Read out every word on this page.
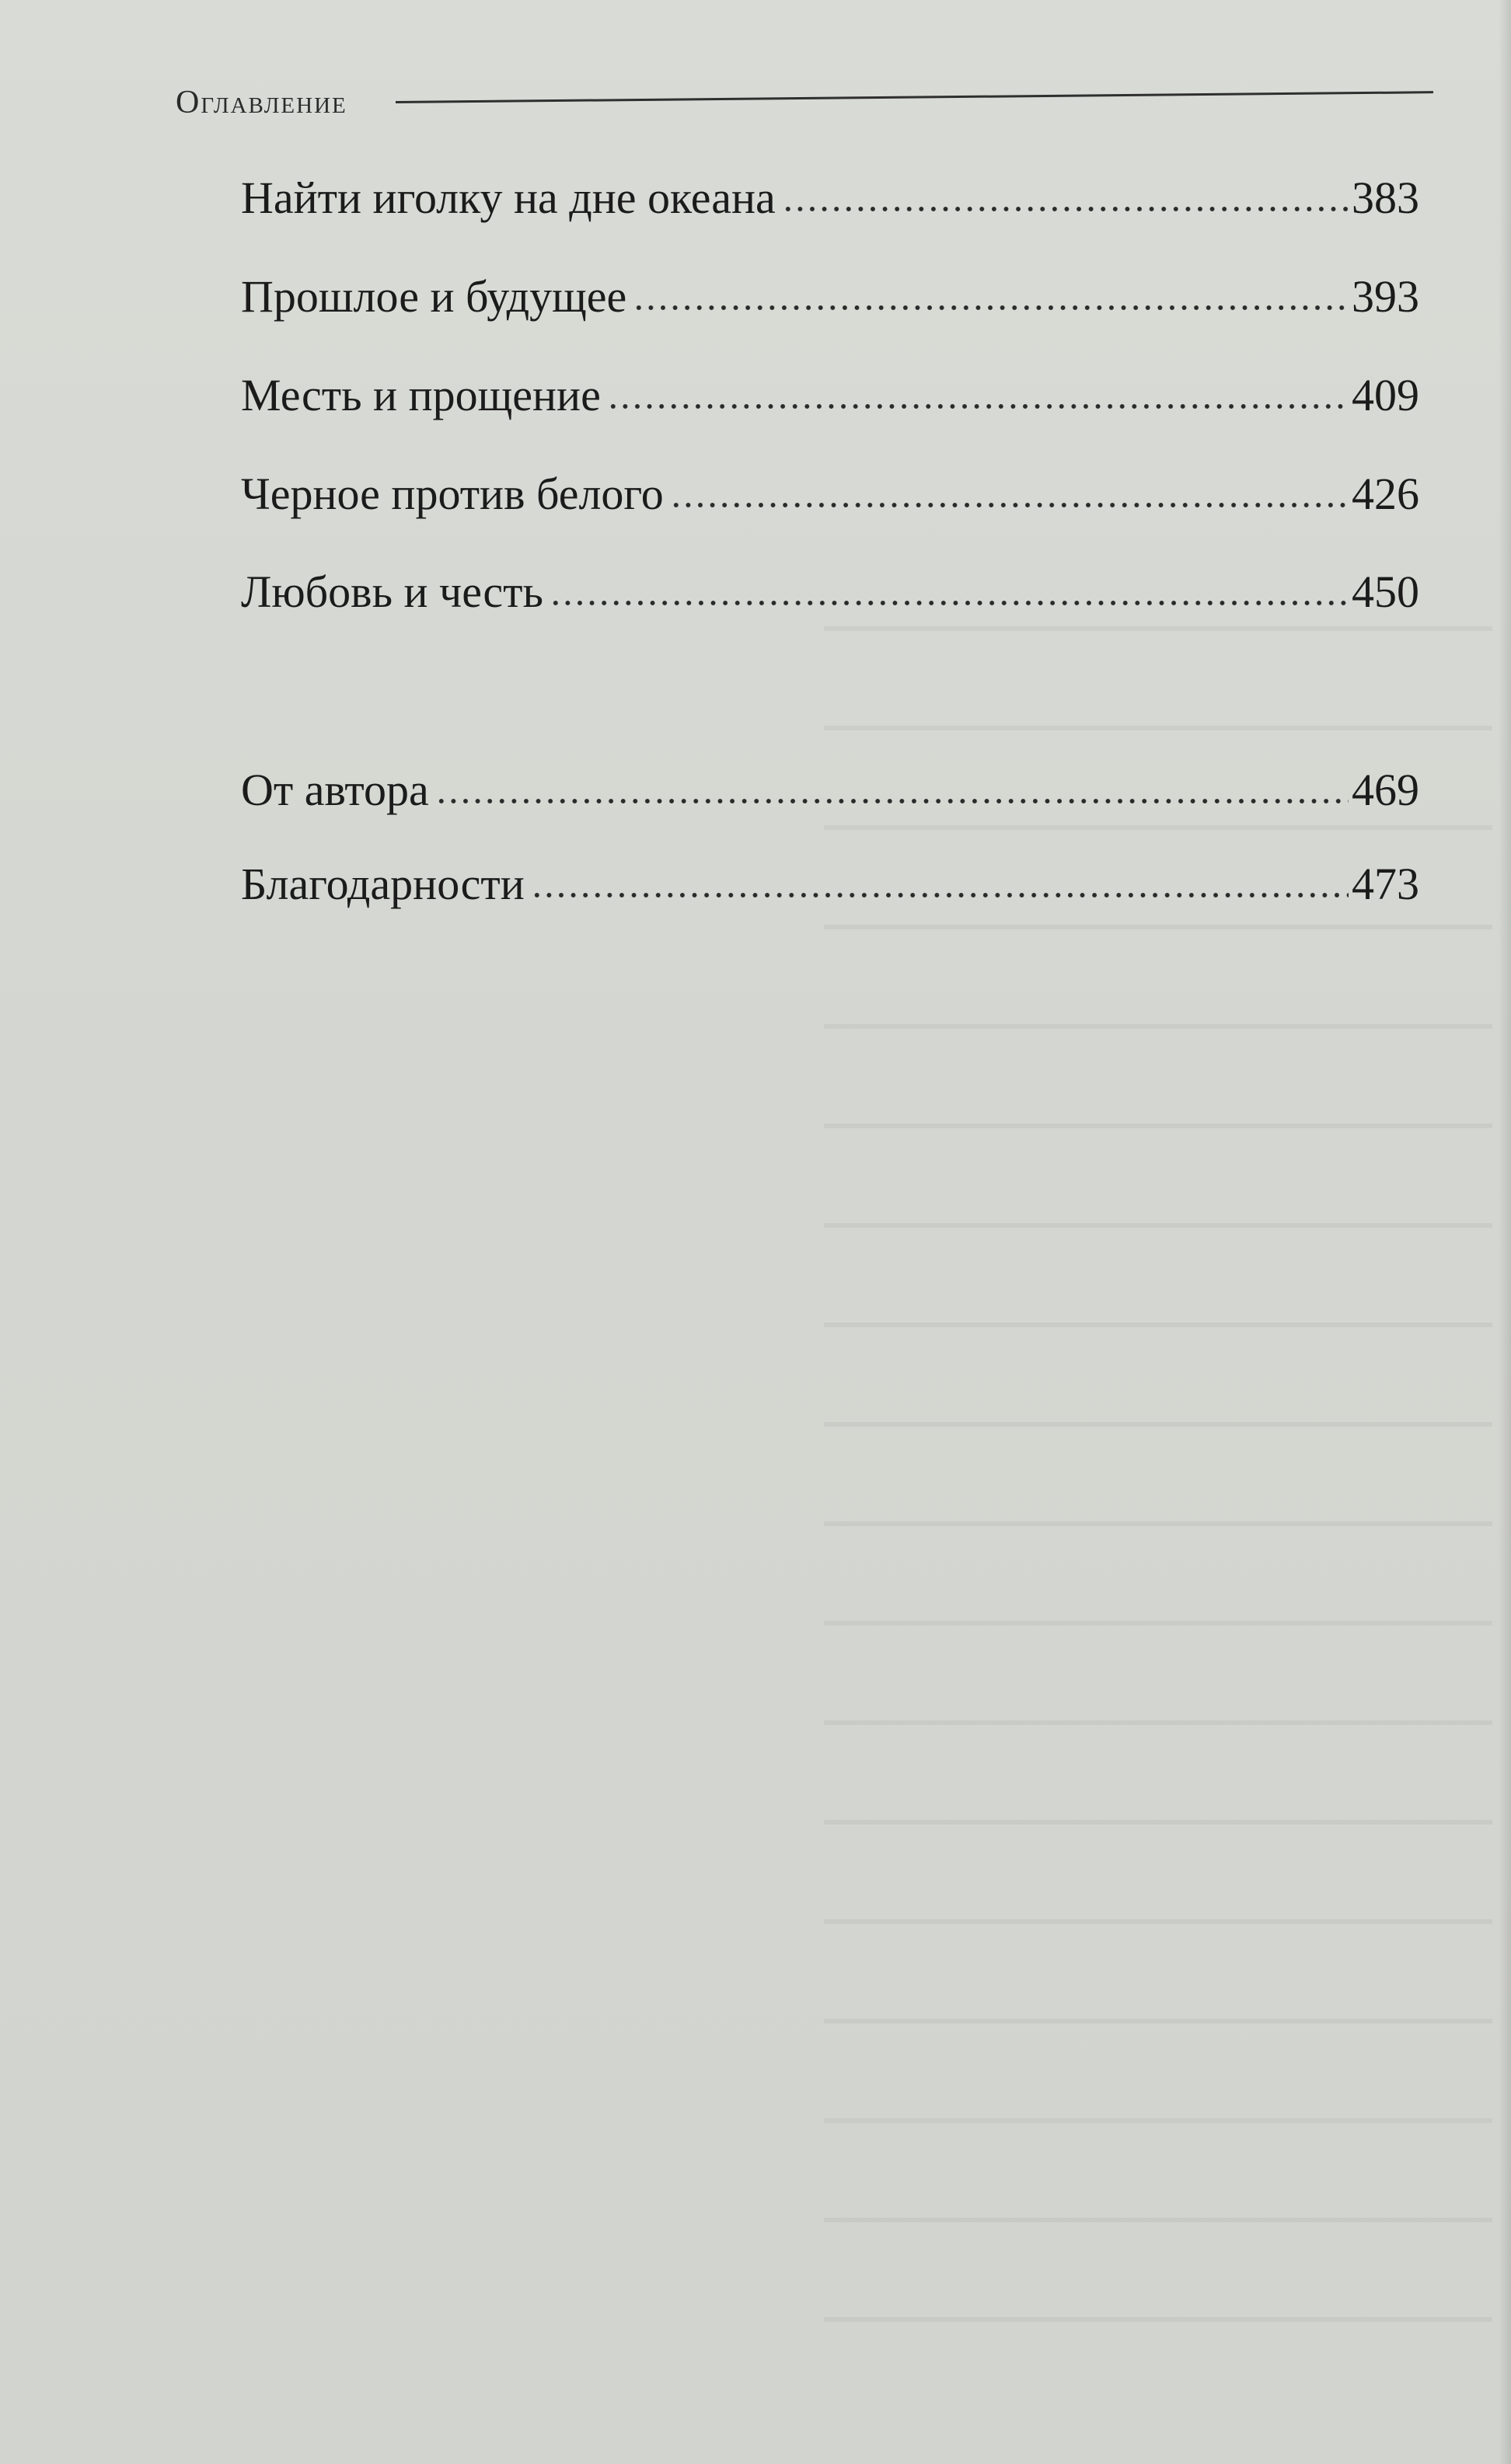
Оглавление
Найти иголку на дне океана	383
Прошлое и будущее	393
Месть и прощение	409
Черное против белого	426
Любовь и честь	450
От автора	469
Благодарности	473
